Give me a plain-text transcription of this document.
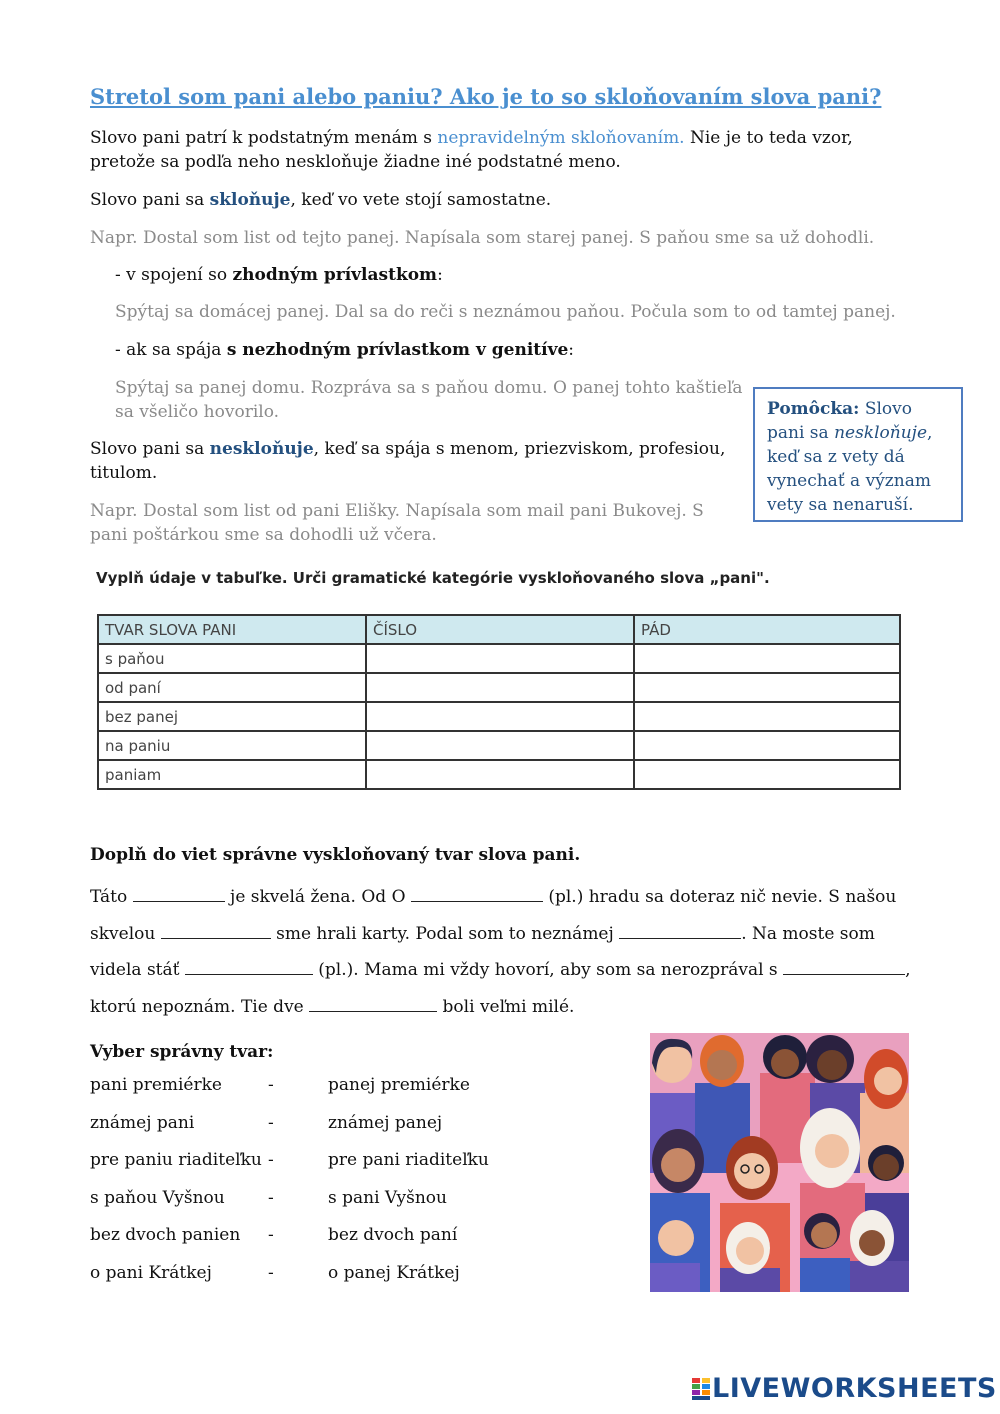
Stretol som pani alebo paniu? Ako je to so skloňovaním slova pani?
Slovo pani patrí k podstatným menám s nepravidelným skloňovaním. Nie je to teda vzor, pretože sa podľa neho neskloňuje žiadne iné podstatné meno.
Slovo pani sa skloňuje, keď vo vete stojí samostatne.
Napr. Dostal som list od tejto panej. Napísala som starej panej. S paňou sme sa už dohodli.
- v spojení so zhodným prívlastkom:
Spýtaj sa domácej panej. Dal sa do reči s neznámou paňou. Počula som to od tamtej panej.
- ak sa spája s nezhodným prívlastkom v genitíve:
Spýtaj sa panej domu. Rozpráva sa s paňou domu. O panej tohto kaštieľa sa všeličo hovorilo.
Slovo pani sa neskloňuje, keď sa spája s menom, priezviskom, profesiou, titulom.
Napr. Dostal som list od pani Elišky. Napísala som mail pani Bukovej. S pani poštárkou sme sa dohodli už včera.
Pomôcka: Slovo pani sa neskloňuje, keď sa z vety dá vynechať a význam vety sa nenaruší.
Vyplň údaje v tabuľke. Urči gramatické kategórie vyskloňovaného slova „pani".
TVAR SLOVA PANI	ČÍSLO	PÁD
s paňou		
od paní		
bez panej		
na paniu		
paniam		
Doplň do viet správne vyskloňovaný tvar slova pani.
Táto	je skvelá žena. Od O	(pl.) hradu sa doteraz nič nevie. S našou
skvelou	sme hrali karty. Podal som to neznámej	. Na moste som
videla stáť	(pl.). Mama mi vždy hovorí, aby som sa nerozprával s	,
ktorú nepoznám. Tie dve	boli veľmi milé.
Vyber správny tvar:
pani premiérke	-	panej premiérke
známej pani	-	známej panej
pre paniu riaditeľku -	pre pani riaditeľku
s paňou Vyšnou	-	s pani Vyšnou
bez dvoch panien -	bez dvoch paní
o pani Krátkej	-	o panej Krátkej
LIVEWORKSHEETS
